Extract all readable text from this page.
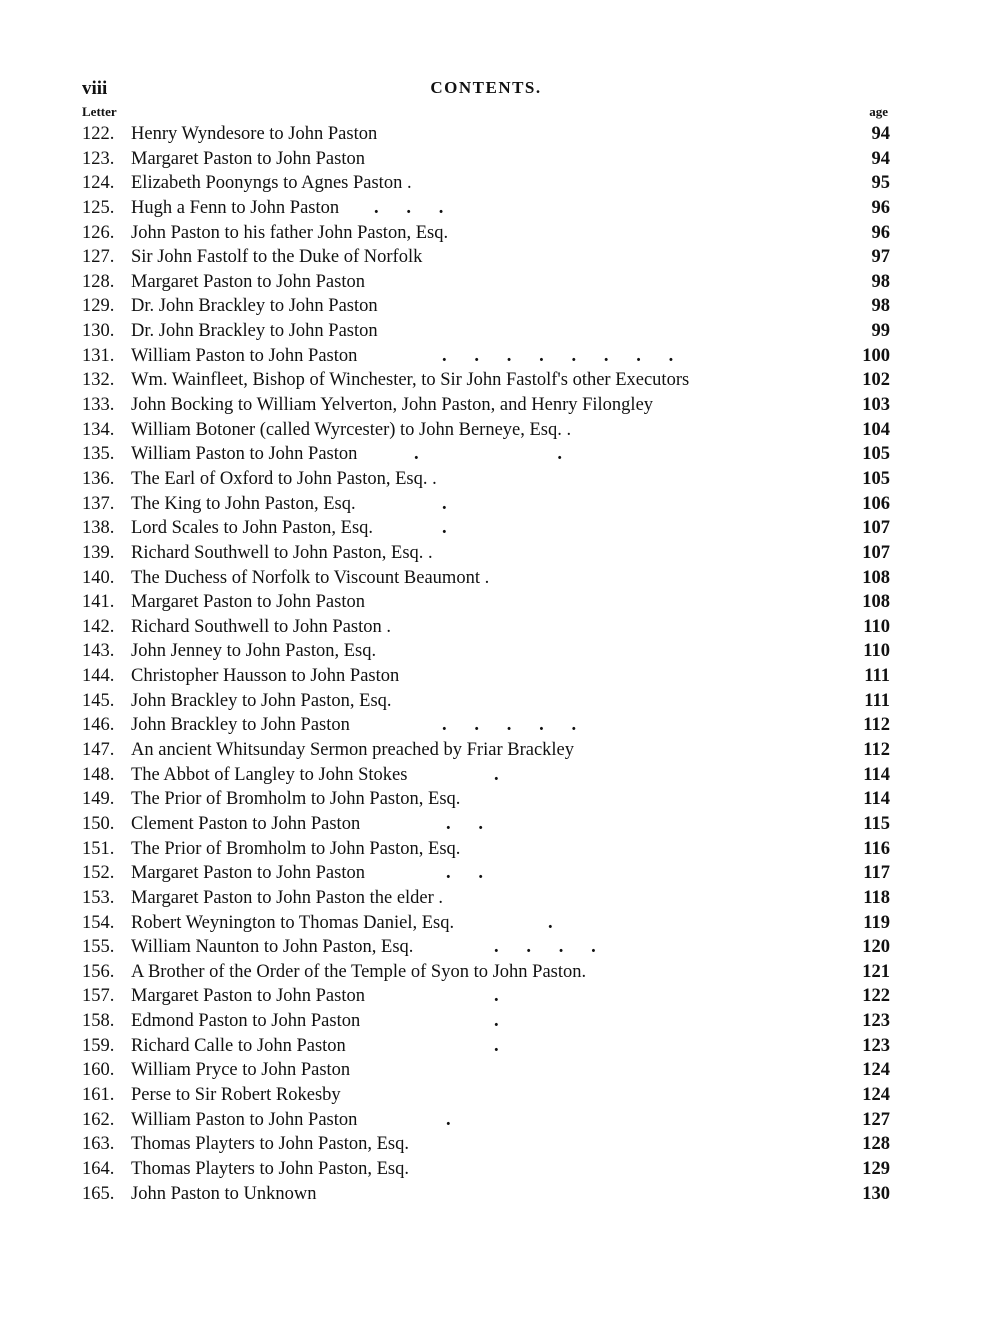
viii	CONTENTS.
Letter	age
122. Henry Wyndesore to John Paston	94
123. Margaret Paston to John Paston	94
124. Elizabeth Poonyngs to Agnes Paston .	95
125. Hugh a Fenn to John Paston .      .      .	96
126. John Paston to his father John Paston, Esq.	96
127. Sir John Fastolf to the Duke of Norfolk	97
128. Margaret Paston to John Paston	98
129. Dr. John Brackley to John Paston	98
130. Dr. John Brackley to John Paston	99
131. William Paston to John Paston	.      .      .      .      .      .      .      .	100
132. Wm. Wainfleet, Bishop of Winchester, to Sir John Fastolf's other Executors	102
133. John Bocking to William Yelverton, John Paston, and Henry Filongley	103
134. William Botoner (called Wyrcester) to John Berneye, Esq. .	104
135. William Paston to John Paston	.                              .	105
136. The Earl of Oxford to John Paston, Esq. .	105
137. The King to John Paston, Esq.	.	106
138. Lord Scales to John Paston, Esq.	.	107
139. Richard Southwell to John Paston, Esq. .	107
140. The Duchess of Norfolk to Viscount Beaumont .	108
141. Margaret Paston to John Paston	108
142. Richard Southwell to John Paston .	110
143. John Jenney to John Paston, Esq.	110
144. Christopher Hausson to John Paston	111
145. John Brackley to John Paston, Esq.	111
146. John Brackley to John Paston	.      .      .      .      .	112
147. An ancient Whitsunday Sermon preached by Friar Brackley	112
148. The Abbot of Langley to John Stokes	.	114
149. The Prior of Bromholm to John Paston, Esq.	114
150. Clement Paston to John Paston	.      .	115
151. The Prior of Bromholm to John Paston, Esq.	116
152. Margaret Paston to John Paston	.      .	117
153. Margaret Paston to John Paston the elder .	118
154. Robert Weynington to Thomas Daniel, Esq.	.	119
155. William Naunton to John Paston, Esq.	.      .      .      .	120
156. A Brother of the Order of the Temple of Syon to John Paston.	121
157. Margaret Paston to John Paston	.	122
158. Edmond Paston to John Paston	.	123
159. Richard Calle to John Paston	.	123
160. William Pryce to John Paston	124
161. Perse to Sir Robert Rokesby	124
162. William Paston to John Paston	.	127
163. Thomas Playters to John Paston, Esq.	128
164. Thomas Playters to John Paston, Esq.	129
165. John Paston to Unknown	130
